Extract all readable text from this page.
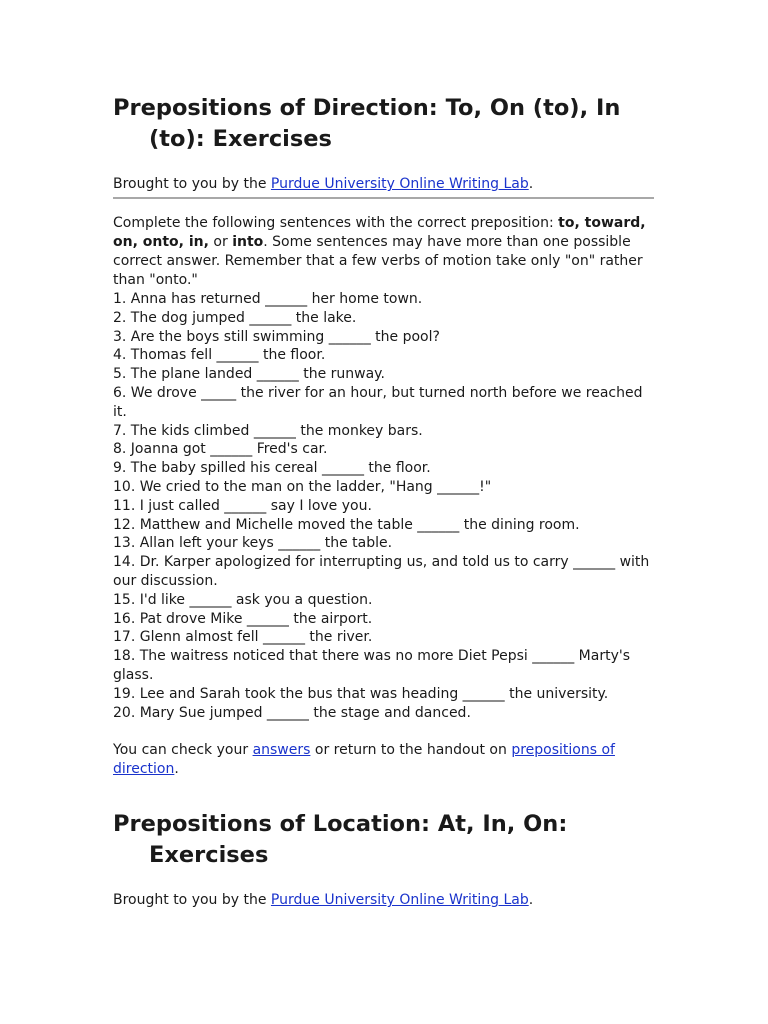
Prepositions of Direction: To, On (to), In (to): Exercises

Brought to you by the Purdue University Online Writing Lab.

Complete the following sentences with the correct preposition: to, toward, on, onto, in, or into. Some sentences may have more than one possible correct answer. Remember that a few verbs of motion take only "on" rather than "onto."

1. Anna has returned ______ her home town.
2. The dog jumped ______ the lake.
3. Are the boys still swimming ______ the pool?
4. Thomas fell ______ the floor.
5. The plane landed ______ the runway.
6. We drove _____ the river for an hour, but turned north before we reached it.
7. The kids climbed ______ the monkey bars.
8. Joanna got ______ Fred's car.
9. The baby spilled his cereal ______ the floor.
10. We cried to the man on the ladder, "Hang ______!"
11. I just called ______ say I love you.
12. Matthew and Michelle moved the table ______ the dining room.
13. Allan left your keys ______ the table.
14. Dr. Karper apologized for interrupting us, and told us to carry ______ with our discussion.
15. I'd like ______ ask you a question.
16. Pat drove Mike ______ the airport.
17. Glenn almost fell ______ the river.
18. The waitress noticed that there was no more Diet Pepsi ______ Marty's glass.
19. Lee and Sarah took the bus that was heading ______ the university.
20. Mary Sue jumped ______ the stage and danced.

You can check your answers or return to the handout on prepositions of direction.

Prepositions of Location: At, In, On: Exercises

Brought to you by the Purdue University Online Writing Lab.
